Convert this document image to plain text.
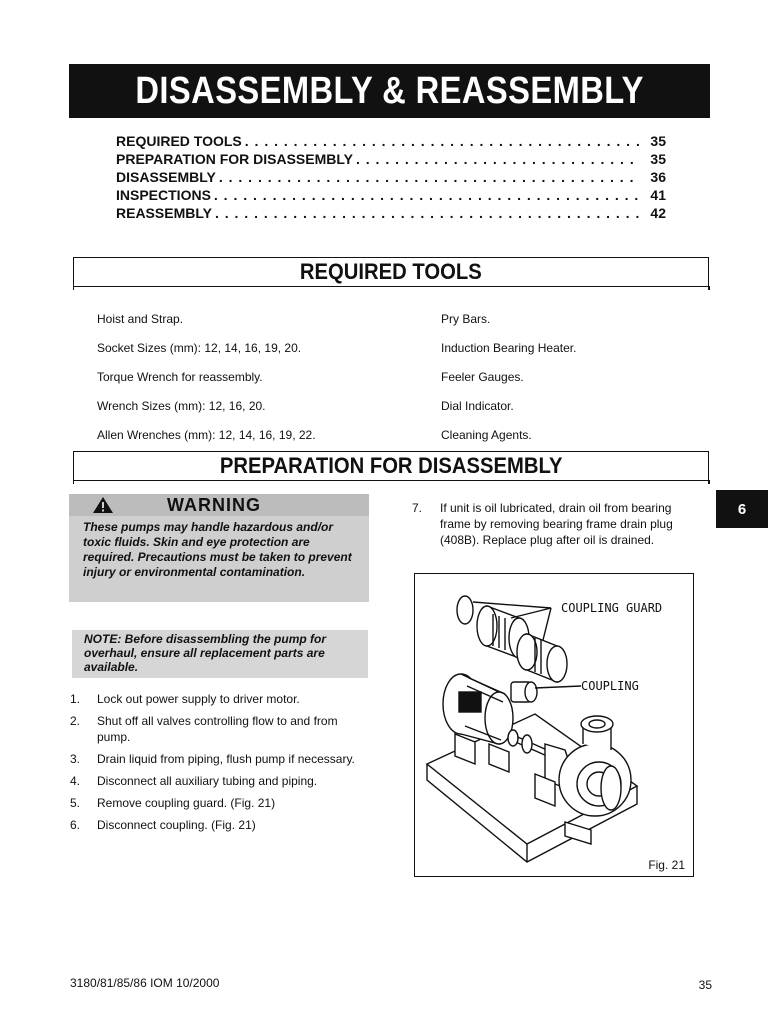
DISASSEMBLY & REASSEMBLY
REQUIRED TOOLS . . .	35
PREPARATION FOR DISASSEMBLY . . .	35
DISASSEMBLY . . .	36
INSPECTIONS . . .	41
REASSEMBLY . . .	42
REQUIRED TOOLS
Hoist and Strap.
Socket Sizes (mm): 12, 14, 16, 19, 20.
Torque Wrench for reassembly.
Wrench Sizes (mm): 12, 16, 20.
Allen Wrenches (mm): 12, 14, 16, 19, 22.
Pry Bars.
Induction Bearing Heater.
Feeler Gauges.
Dial Indicator.
Cleaning Agents.
PREPARATION FOR DISASSEMBLY
WARNING
These pumps may handle hazardous and/or toxic fluids. Skin and eye protection are required. Precautions must be taken to prevent injury or environmental contamination.
NOTE: Before disassembling the pump for overhaul, ensure all replacement parts are available.
1.	Lock out power supply to driver motor.
2.	Shut off all valves controlling flow to and from pump.
3.	Drain liquid from piping, flush pump if necessary.
4.	Disconnect all auxiliary tubing and piping.
5.	Remove coupling guard. (Fig. 21)
6.	Disconnect coupling. (Fig. 21)
7.	If unit is oil lubricated, drain oil from bearing frame by removing bearing frame drain plug (408B). Replace plug after oil is drained.
COUPLING GUARD
COUPLING
Fig. 21
6
3180/81/85/86 IOM 10/2000	35
